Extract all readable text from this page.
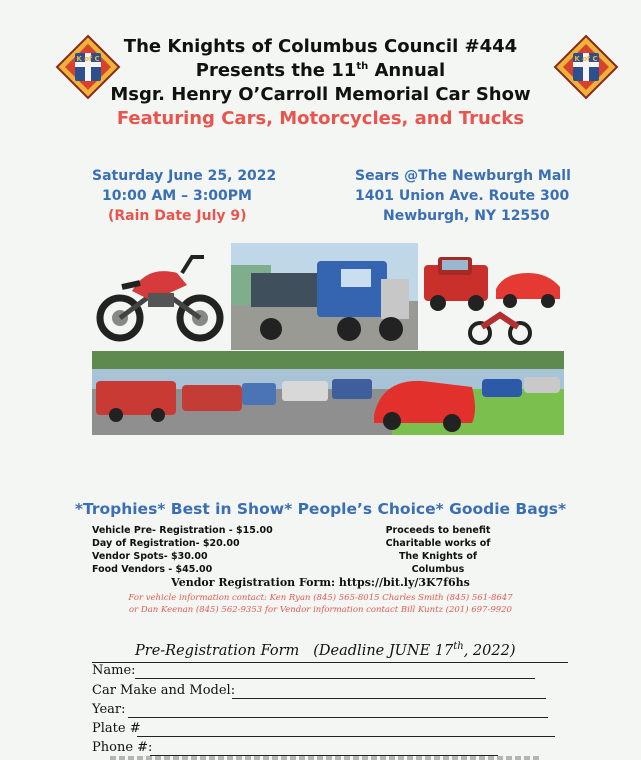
K of C	K of C
The Knights of Columbus Council #444
Presents the 11th Annual
Msgr. Henry O’Carroll Memorial Car Show
Featuring Cars, Motorcycles, and Trucks
Saturday June 25, 2022
10:00 AM – 3:00PM
(Rain Date July 9)
Sears @The Newburgh Mall
1401 Union Ave. Route 300
Newburgh, NY 12550
*Trophies* Best in Show* People’s Choice* Goodie Bags*
Vehicle Pre- Registration - $15.00
Day of Registration- $20.00
Vendor Spots- $30.00
Food Vendors - $45.00
Proceeds to benefit
Charitable works of
The Knights of Columbus
Vendor Registration Form: https://bit.ly/3K7f6hs
For vehicle information contact: Ken Ryan (845) 565-8015 Charles Smith (845) 561-8647
or Dan Keenan (845) 562-9353 for Vendor information contact Bill Kuntz (201) 697-9920
Pre-Registration Form (Deadline JUNE 17th, 2022)
Name:
Car Make and Model:
Year:
Plate #
Phone #:
